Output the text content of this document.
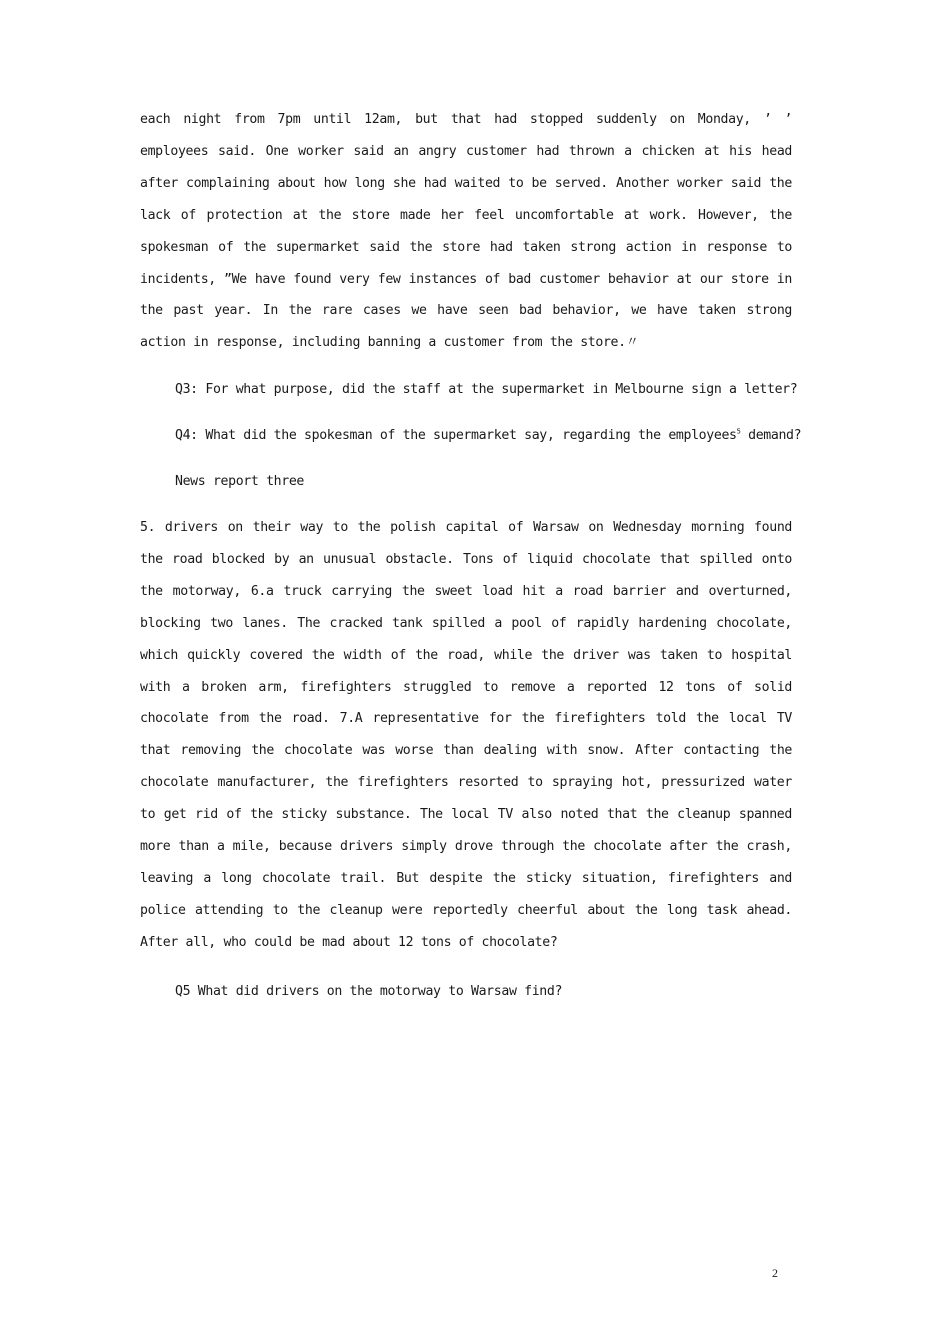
each night from 7pm until 12am, but that had stopped suddenly on Monday, ’ ’ employees said. One worker said an angry customer had thrown a chicken at his head after complaining about how long she had waited to be served. Another worker said the lack of protection at the store made her feel uncomfortable at work. However, the spokesman of the supermarket said the store had taken strong action in response to incidents, ”We have found very few instances of bad customer behavior at our store in the past year. In the rare cases we have seen bad behavior, we have taken strong action in response, including banning a customer from the store.〃
Q3: For what purpose, did the staff at the supermarket in Melbourne sign a letter?
Q4: What did the spokesman of the supermarket say, regarding the employees$^5$ demand?
News report three
5. drivers on their way to the polish capital of Warsaw on Wednesday morning found the road blocked by an unusual obstacle. Tons of liquid chocolate that spilled onto the motorway, 6.a truck carrying the sweet load hit a road barrier and overturned, blocking two lanes. The cracked tank spilled a pool of rapidly hardening chocolate, which quickly covered the width of the road, while the driver was taken to hospital with a broken arm, firefighters struggled to remove a reported 12 tons of solid chocolate from the road. 7.A representative for the firefighters told the local TV that removing the chocolate was worse than dealing with snow. After contacting the chocolate manufacturer, the firefighters resorted to spraying hot, pressurized water to get rid of the sticky substance. The local TV also noted that the cleanup spanned more than a mile, because drivers simply drove through the chocolate after the crash, leaving a long chocolate trail. But despite the sticky situation, firefighters and police attending to the cleanup were reportedly cheerful about the long task ahead. After all, who could be mad about 12 tons of chocolate?
Q5 What did drivers on the motorway to Warsaw find?
2
